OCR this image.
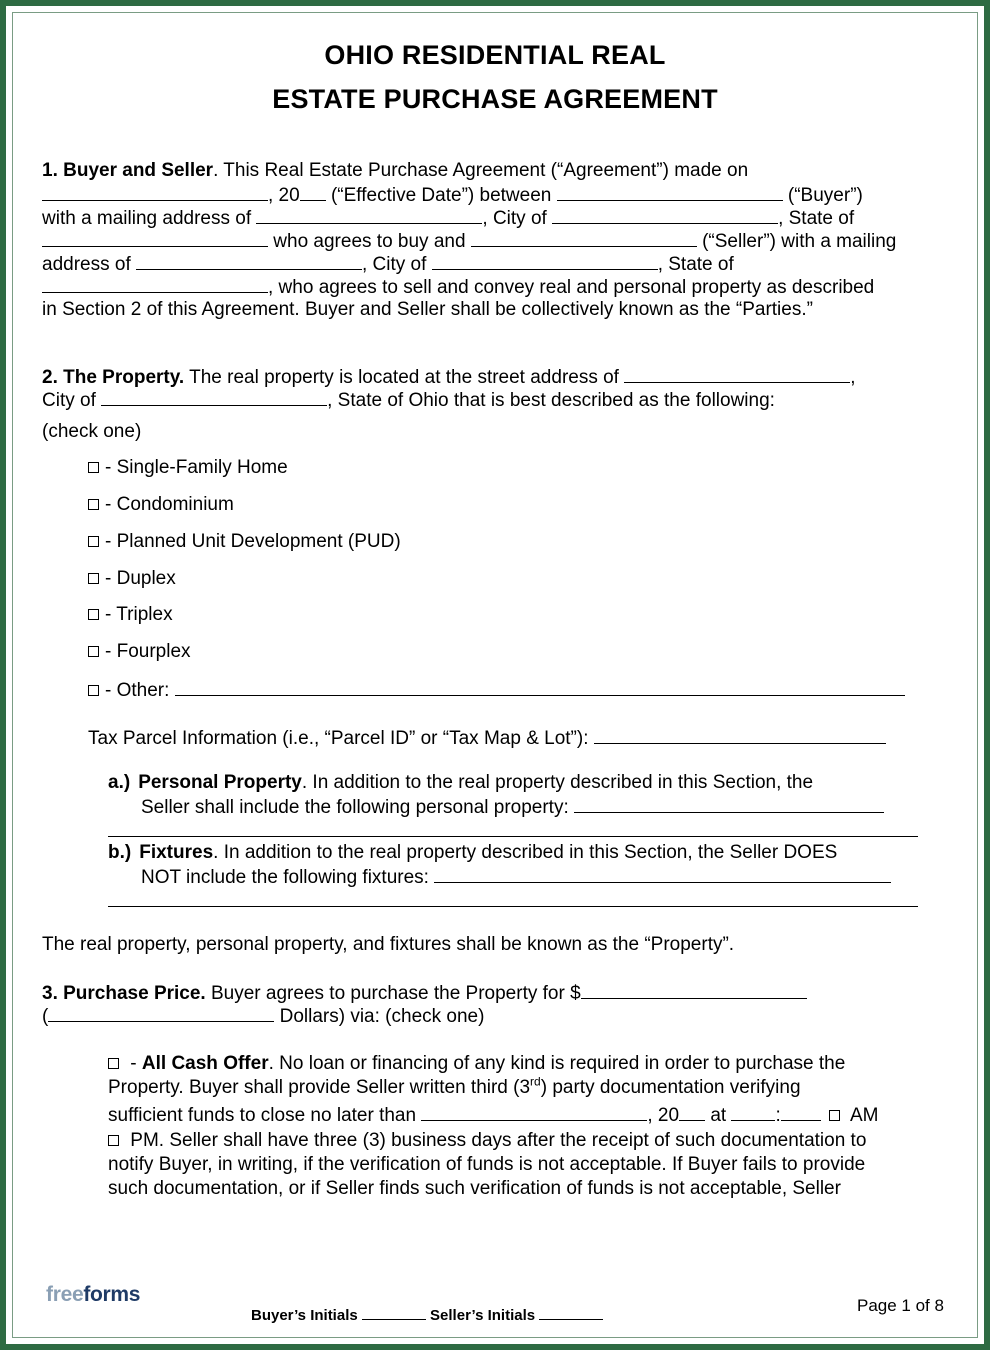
OHIO RESIDENTIAL REAL
ESTATE PURCHASE AGREEMENT
1. Buyer and Seller. This Real Estate Purchase Agreement (“Agreement”) made on
, 20 (“Effective Date”) between	(“Buyer”)
with a mailing address of	, City of	, State of
who agrees to buy and	(“Seller”) with a mailing
address of	, City of	, State of
, who agrees to sell and convey real and personal property as described
in Section 2 of this Agreement. Buyer and Seller shall be collectively known as the “Parties.”
2. The Property. The real property is located at the street address of	,
City of	, State of Ohio that is best described as the following:
(check one)
- Single-Family Home
- Condominium
- Planned Unit Development (PUD)
- Duplex
- Triplex
- Fourplex
- Other:
Tax Parcel Information (i.e., “Parcel ID” or “Tax Map & Lot”):
a.) Personal Property. In addition to the real property described in this Section, the
Seller shall include the following personal property:
b.) Fixtures. In addition to the real property described in this Section, the Seller DOES
NOT include the following fixtures:
The real property, personal property, and fixtures shall be known as the “Property”.
3. Purchase Price. Buyer agrees to purchase the Property for $
(	Dollars) via: (check one)
- All Cash Offer. No loan or financing of any kind is required in order to purchase the
Property. Buyer shall provide Seller written third (3rd) party documentation verifying
sufficient funds to close no later than	, 20 at :	AM
PM. Seller shall have three (3) business days after the receipt of such documentation to
notify Buyer, in writing, if the verification of funds is not acceptable. If Buyer fails to provide
such documentation, or if Seller finds such verification of funds is not acceptable, Seller
freeforms
Buyer’s Initials	Seller’s Initials
Page 1 of 8
